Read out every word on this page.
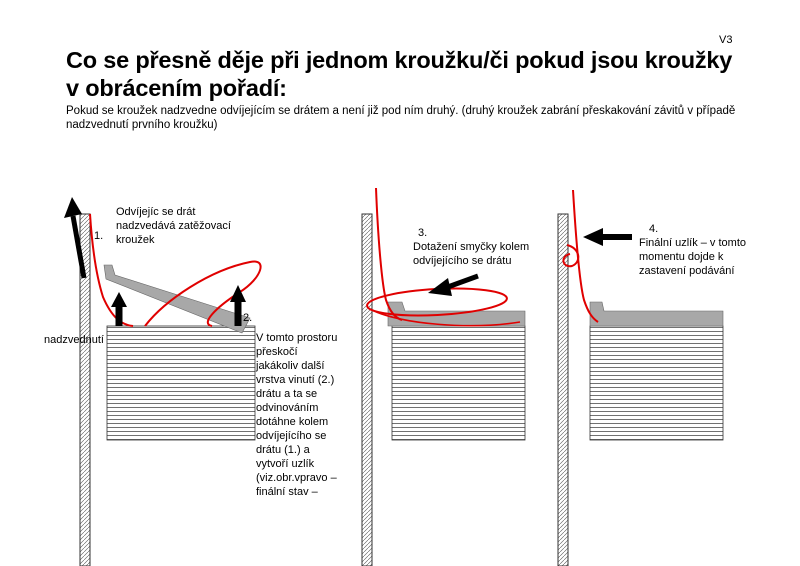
V3
Co se přesně děje při jednom kroužku/či pokud jsou kroužky v obrácením pořadí:
Pokud se kroužek nadzvedne odvíjejícím se drátem a není již pod ním druhý. (druhý kroužek zabrání přeskakování závitů v případě nadzvednutí prvního kroužku)
1.
Odvíjejíc se drát nadzvedává zatěžovací kroužek
nadzvednutí
2.
V tomto prostoru přeskočí jakákoliv další vrstva vinutí (2.) drátu a ta se odvinováním dotáhne kolem odvíjejícího se drátu (1.) a vytvoří uzlík (viz.obr.vpravo – finální stav –
3.
Dotažení smyčky kolem odvíjejícího se drátu
4.
Finální uzlík – v tomto momentu dojde k zastavení podávání
